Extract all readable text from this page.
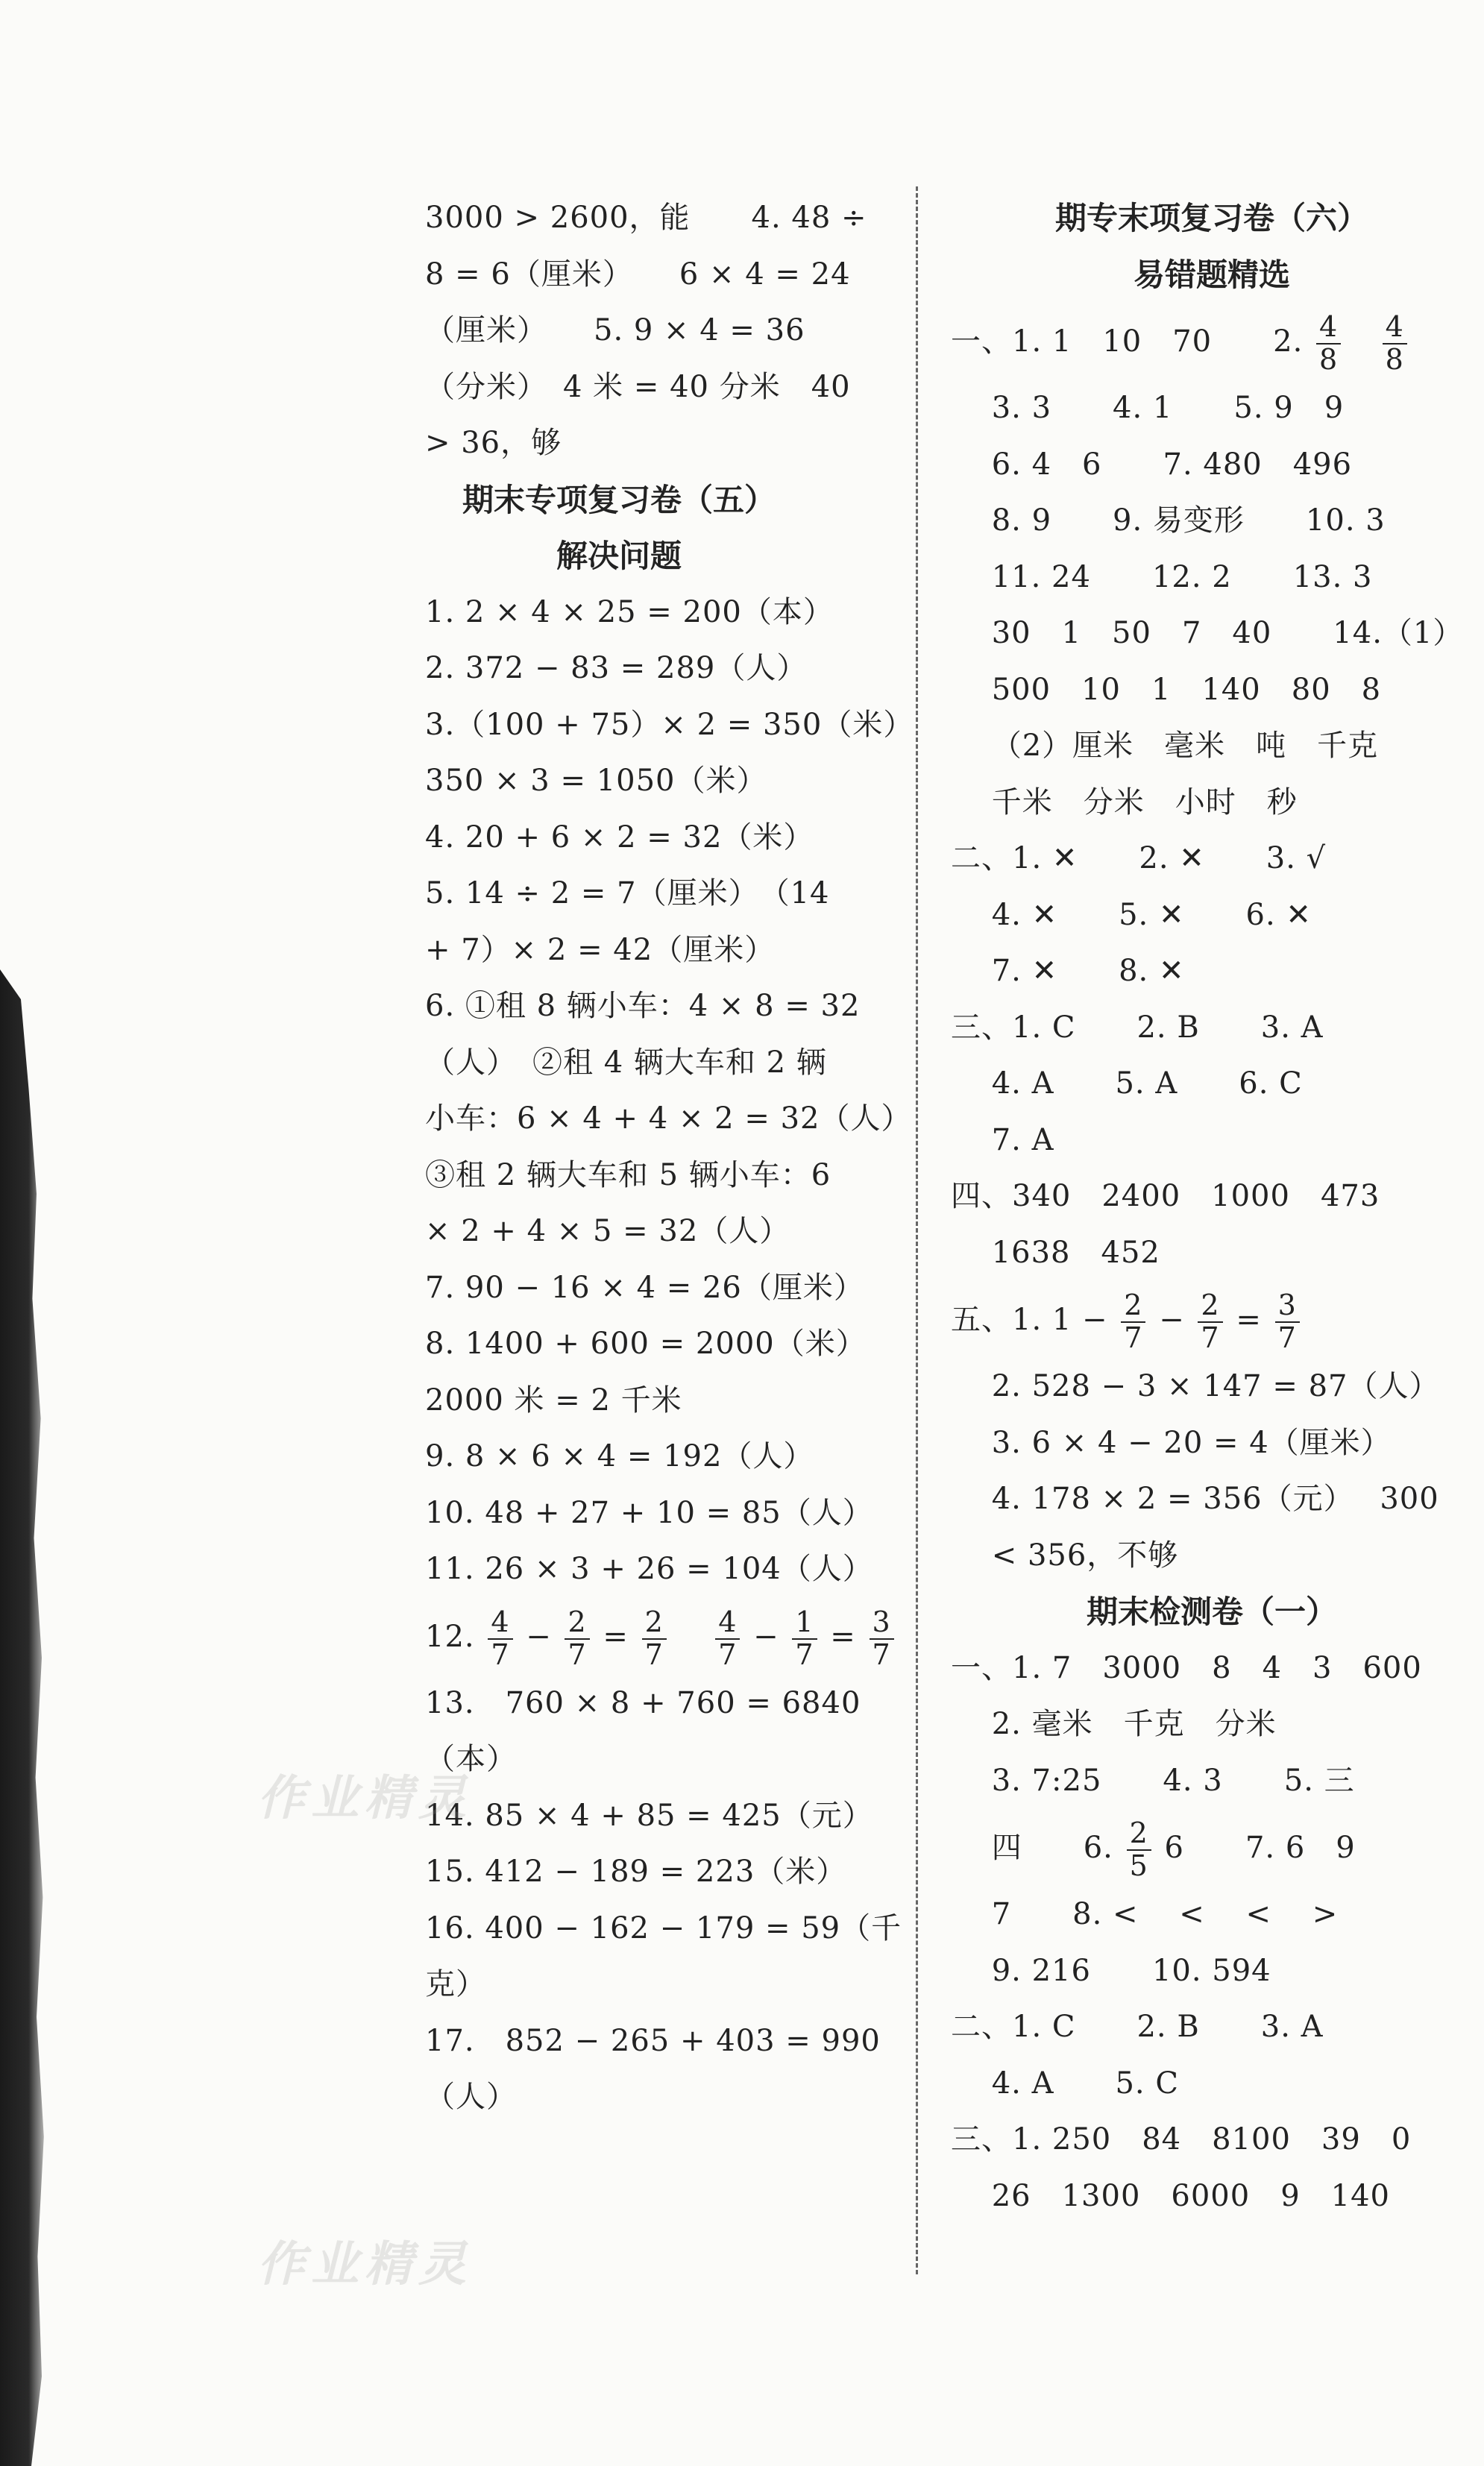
3000 > 2600，能　　4. 48 ÷
8 = 6（厘米）　　6 × 4 = 24
（厘米）　　5. 9 × 4 = 36
（分米）　4 米 = 40 分米　40
> 36，够
期末专项复习卷（五）
解决问题
1. 2 × 4 × 25 = 200（本）
2. 372 − 83 = 289（人）
3.（100 + 75）× 2 = 350（米）
350 × 3 = 1050（米）
4. 20 + 6 × 2 = 32（米）
5. 14 ÷ 2 = 7（厘米）　（14
+ 7）× 2 = 42（厘米）
6. ①租 8 辆小车：4 × 8 = 32
（人）　②租 4 辆大车和 2 辆
小车：6 × 4 + 4 × 2 = 32（人）
③租 2 辆大车和 5 辆小车：6
× 2 + 4 × 5 = 32（人）
7. 90 − 16 × 4 = 26（厘米）
8. 1400 + 600 = 2000（米）
2000 米 = 2 千米
9. 8 × 6 × 4 = 192（人）
10. 48 + 27 + 10 = 85（人）
11. 26 × 3 + 26 = 104（人）
12. $\frac{4}{7} - \frac{2}{7} = \frac{2}{7}$
$\frac{4}{7} - \frac{1}{7} = \frac{3}{7}$
13.　760 × 8 + 760 = 6840
（本）
14. 85 × 4 + 85 = 425（元）
15. 412 − 189 = 223（米）
16. 400 − 162 − 179 = 59（千
克）
17.　852 − 265 + 403 = 990
（人）
期专末项复习卷（六）
易错题精选
一、1. 1　10　70　　2. $\frac{4}{8}$
$\frac{4}{8}$
　 3. 3　　4. 1　　5. 9　9
　 6. 4　6　　7. 480　496
　 8. 9　　9. 易变形　　10. 3
　 11. 24　　12. 2　　13. 3
　 30　1　50　7　40　　14.（1）
　 500　10　1　140　80　8
　 （2）厘米　毫米　吨　千克
　 千米　分米　小时　秒
二、1. ✕　　2. ✕　　3. √
　 4. ✕　　5. ✕　　6. ✕
　 7. ✕　　8. ✕
三、1. C　　2. B　　3. A
　 4. A　　5. A　　6. C
　 7. A
四、340　2400　1000　473
　 1638　452
五、1. $1 - \frac{2}{7} - \frac{2}{7} = \frac{3}{7}$
　 2. 528 − 3 × 147 = 87（人）
　 3. 6 × 4 − 20 = 4（厘米）
　 4. 178 × 2 = 356（元）　 300
　 < 356，不够
期末检测卷（一）
一、1. 7　3000　8　4　3　600
　 2. 毫米　千克　分米
　 3. 7:25　　4. 3　　5. 三
　 四　　6. $\frac{2}{5} 6$　　7. 6　9
　 7　　8. <　 <　 <　 >
　 9. 216　　10. 594
二、1. C　　2. B　　3. A
　 4. A　　5. C
三、1. 250　84　8100　39　0
　 26　1300　6000　9　140
作业精灵
作业精灵
